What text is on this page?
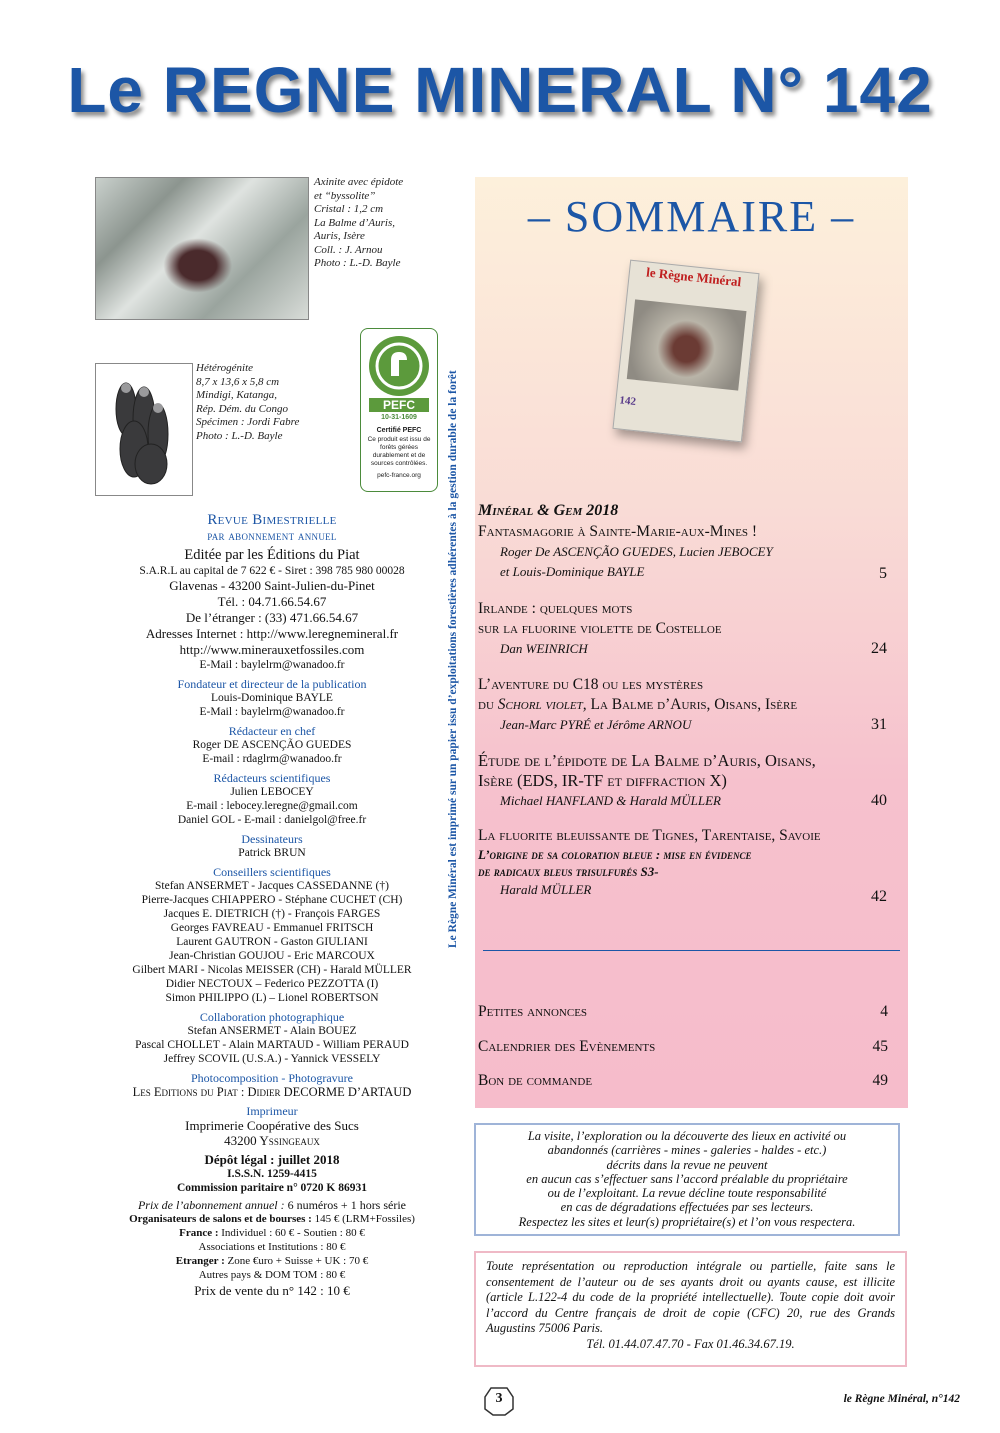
Le REGNE MINERAL N° 142
Axinite avec épidote
et “byssolite”
Cristal : 1,2 cm
La Balme d’Auris,
Auris, Isère
Coll. : J. Arnou
Photo : L.-D. Bayle
Hétérogénite
8,7 x 13,6 x 5,8 cm
Mindigi, Katanga,
Rép. Dém. du Congo
Spécimen : Jordi Fabre
Photo : L.-D. Bayle
PEFC
10-31-1609
Certifié PEFC
Ce produit est issu de forêts gérées durablement et de sources contrôlées.
pefc-france.org	Le Règne Minéral est imprimé sur un papier issu d’exploitations forestières adhérentes à la gestion durable de la forêt
Revue Bimestrielle
par abonnement annuel
Editée par les Éditions du Piat
S.A.R.L au capital de 7 622 € - Siret : 398 785 980 00028
Glavenas - 43200 Saint-Julien-du-Pinet
Tél. : 04.71.66.54.67
De l’étranger : (33) 471.66.54.67
Adresses Internet : http://www.leregnemineral.fr
http://www.mineraux​etfossiles.com
E-Mail : baylelrm@wanadoo.fr
Fondateur et directeur de la publication
Louis-Dominique BAYLE
E-Mail : baylelrm@wanadoo.fr
Rédacteur en chef
Roger DE ASCENÇÃO GUEDES
E-mail : rdaglrm@wanadoo.fr
Rédacteurs scientifiques
Julien LEBOCEY
E-mail : lebocey.leregne@gmail.com
Daniel GOL - E-mail : danielgol@free.fr
Dessinateurs
Patrick BRUN
Conseillers scientifiques
Stefan ANSERMET - Jacques CASSEDANNE (†)
Pierre-Jacques CHIAPPERO - Stéphane CUCHET (CH)
Jacques E. DIETRICH (†) - François FARGES
Georges FAVREAU - Emmanuel FRITSCH
Laurent GAUTRON - Gaston GIULIANI
Jean-Christian GOUJOU - Eric MARCOUX
Gilbert MARI - Nicolas MEISSER (CH) - Harald MÜLLER
Didier NECTOUX – Federico PEZZOTTA (I)
Simon PHILIPPO (L) – Lionel ROBERTSON
Collaboration photographique
Stefan ANSERMET - Alain BOUEZ
Pascal CHOLLET - Alain MARTAUD - William PERAUD
Jeffrey SCOVIL (U.S.A.) - Yannick VESSELY
Photocomposition - Photogravure
Les Editions du Piat : Didier DECORME D’ARTAUD
Imprimeur
Imprimerie Coopérative des Sucs
43200 Yssingeaux
Dépôt légal : juillet 2018
I.S.S.N. 1259-4415
Commission paritaire n° 0720 K 86931
Prix de l’abonnement annuel : 6 numéros + 1 hors série
Organisateurs de salons et de bourses : 145 € (LRM+Fossiles)
France : Individuel : 60 € - Soutien : 80 €
Associations et Institutions : 80 €
Etranger : Zone €uro + Suisse + UK : 70 €
Autres pays & DOM TOM : 80 €
Prix de vente du n° 142 : 10 €
– SOMMAIRE –
le Règne Minéral
142
Minéral & Gem 2018
Fantasmagorie à Sainte-Marie-aux-Mines !
Roger De ASCENÇÃO GUEDES, Lucien JEBOCEY
et Louis-Dominique BAYLE	5
Irlande : quelques mots
sur la fluorine violette de Costelloe
Dan WEINRICH	24
L’aventure du C18 ou les mystères
du Schorl violet, La Balme d’Auris, Oisans, Isère
Jean-Marc PYRÉ et Jérôme ARNOU	31
Étude de l’épidote de La Balme d’Auris, Oisans,
Isère (EDS, IR-TF et diffraction X)
Michael HANFLAND & Harald MÜLLER	40
La fluorite bleuissante de Tignes, Tarentaise, Savoie
L’origine de sa coloration bleue : mise en évidence
de radicaux bleus trisulfurés S3-
Harald MÜLLER	42
Petites annonces	4
Calendrier des Evènements	45
Bon de commande	49
La visite, l’exploration ou la découverte des lieux en activité ou
abandonnés (carrières - mines - galeries - haldes - etc.)
décrits dans la revue ne peuvent
en aucun cas s’effectuer sans l’accord préalable du propriétaire
ou de l’exploitant. La revue décline toute responsabilité
en cas de dégradations effectuées par ses lecteurs.
Respectez les sites et leur(s) propriétaire(s) et l’on vous respectera.
Toute représentation ou reproduction intégrale ou partielle, faite sans le consentement de l’auteur ou de ses ayants droit ou ayants cause, est illicite (article L.122-4 du code de la propriété intellectuelle). Toute copie doit avoir l’accord du Centre français de droit de copie (CFC) 20, rue des Grands Augustins 75006 Paris.
Tél. 01.44.07.47.70 - Fax 01.46.34.67.19.
3	le Règne Minéral, n°142
